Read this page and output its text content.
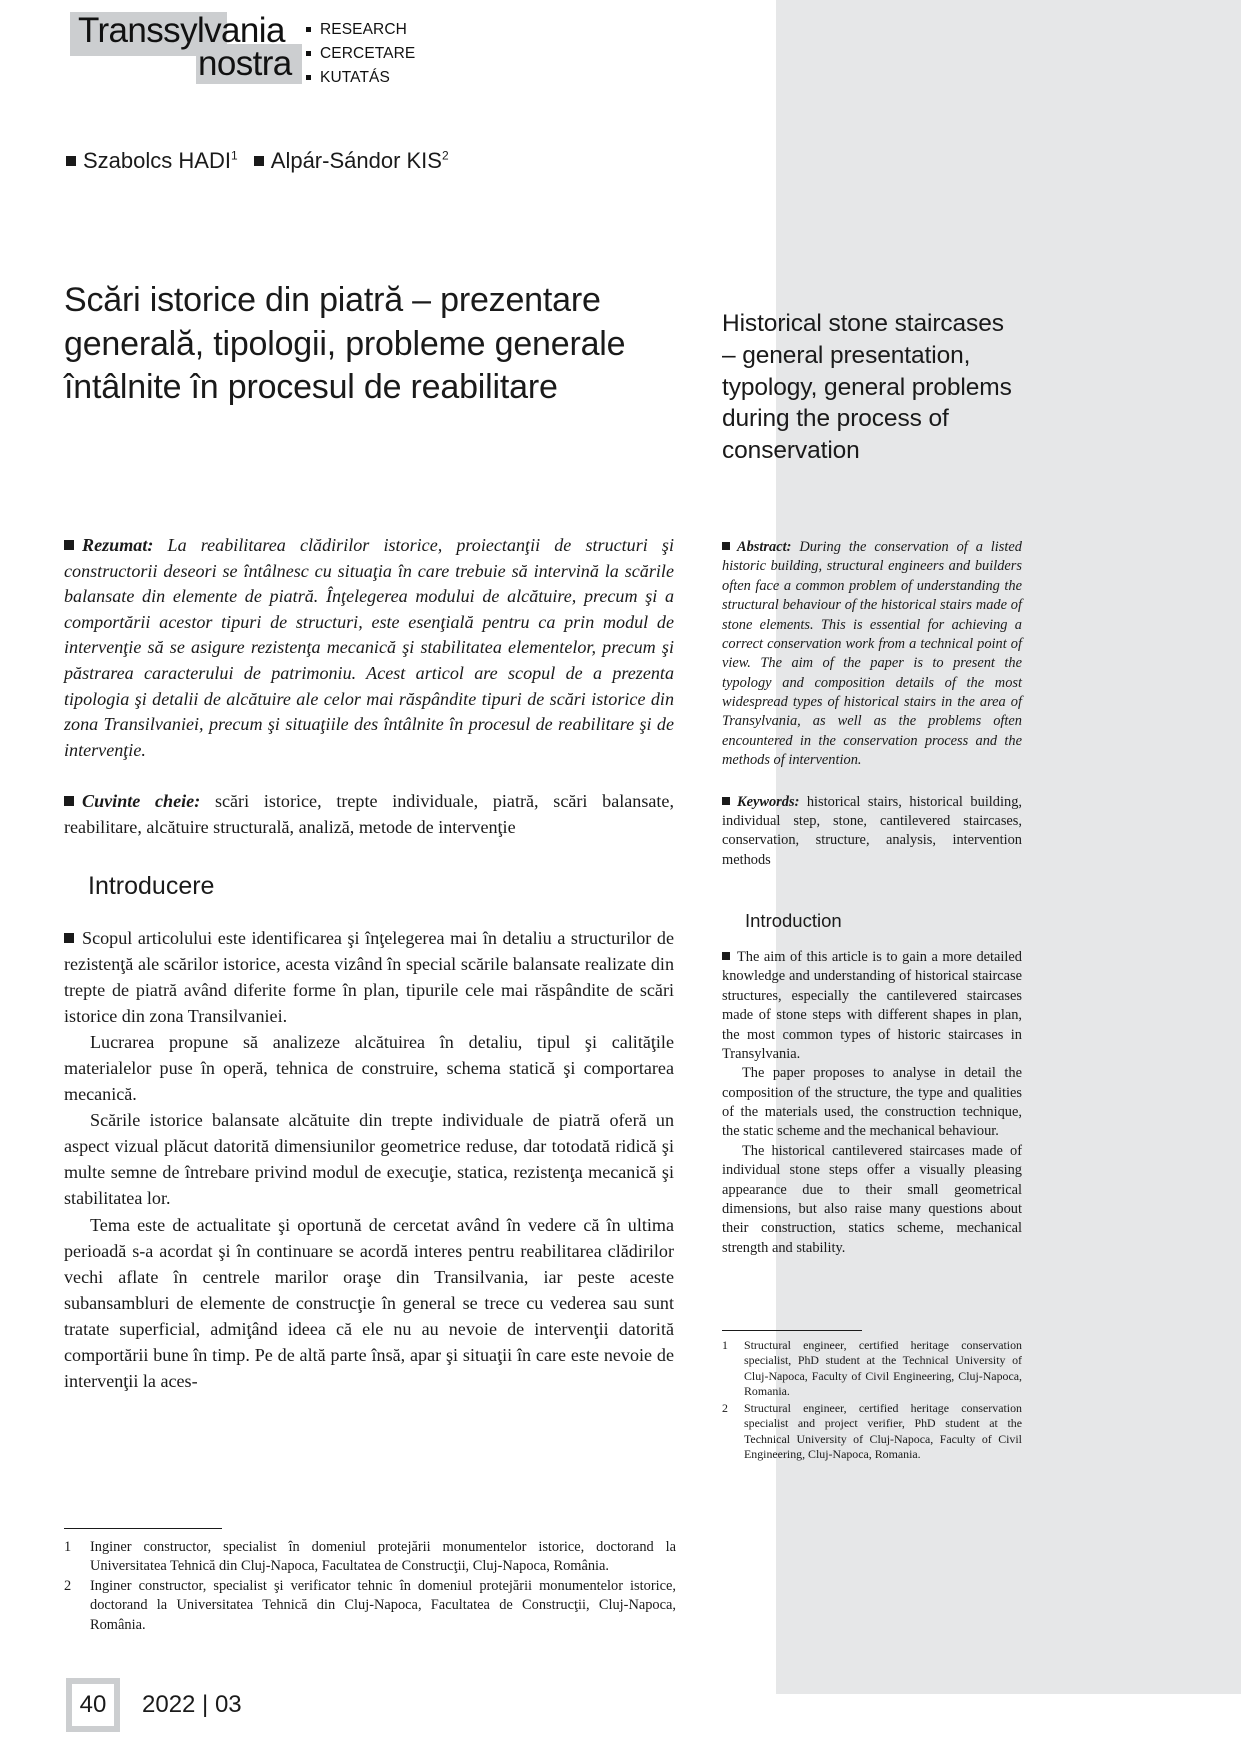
Transsylvania
nostra
RESEARCH
CERCETARE
KUTATÁS
Szabolcs HADI$^1$ Alpár-Sándor KIS$^2$
Scări istorice din piatră – prezentare generală, tipologii, probleme generale întâlnite în procesul de reabilitare
Historical stone staircases – general presentation, typology, general problems during the process of conservation

Rezumat: La reabilitarea clădirilor istorice, proiectanţii de structuri şi constructorii deseori se întâlnesc cu situaţia în care trebuie să intervină la scările balansate din elemente de piatră. Înţelegerea modului de alcătuire, precum şi a comportării acestor tipuri de structuri, este esenţială pentru ca prin modul de intervenţie să se asigure rezistenţa mecanică şi stabilitatea elementelor, precum şi păstrarea caracterului de patrimoniu. Acest articol are scopul de a prezenta tipologia şi detalii de alcătuire ale celor mai răspândite tipuri de scări istorice din zona Transilvaniei, precum şi situaţiile des întâlnite în procesul de reabilitare şi de intervenţie.

Cuvinte cheie: scări istorice, trepte individuale, piatră, scări balansate, reabilitare, alcătuire structurală, analiză, metode de intervenţie

Introducere

Scopul articolului este identificarea şi înţelegerea mai în detaliu a structurilor de rezistenţă ale scărilor istorice, acesta vizând în special scările balansate realizate din trepte de piatră având diferite forme în plan, tipurile cele mai răspândite de scări istorice din zona Transilvaniei.

Lucrarea propune să analizeze alcătuirea în detaliu, tipul şi calităţile materialelor puse în operă, tehnica de construire, schema statică şi comportarea mecanică.

Scările istorice balansate alcătuite din trepte individuale de piatră oferă un aspect vizual plăcut datorită dimensiunilor geometrice reduse, dar totodată ridică şi multe semne de întrebare privind modul de execuţie, statica, rezistenţa mecanică şi stabilitatea lor.

Tema este de actualitate şi oportună de cercetat având în vedere că în ultima perioadă s-a acordat şi în continuare se acordă interes pentru reabilitarea clădirilor vechi aflate în centrele marilor oraşe din Transilvania, iar peste aceste subansambluri de elemente de construcţie în general se trece cu vederea sau sunt tratate superficial, admiţând ideea că ele nu au nevoie de intervenţii datorită comportării bune în timp. Pe de altă parte însă, apar şi situaţii în care este nevoie de intervenţii la aces-

1	Inginer constructor, specialist în domeniul protejării monumentelor istorice, doctorand la Universitatea Tehnică din Cluj-Napoca, Facultatea de Construcţii, Cluj-Napoca, România.
2	Inginer constructor, specialist şi verificator tehnic în domeniul protejării monumentelor istorice, doctorand la Universitatea Tehnică din Cluj-Napoca, Facultatea de Construcţii, Cluj-Napoca, România.

Abstract: During the conservation of a listed historic building, structural engineers and builders often face a common problem of understanding the structural behaviour of the historical stairs made of stone elements. This is essential for achieving a correct conservation work from a technical point of view. The aim of the paper is to present the typology and composition details of the most widespread types of historical stairs in the area of Transylvania, as well as the problems often encountered in the conservation process and the methods of intervention.

Keywords: historical stairs, historical building, individual step, stone, cantilevered staircases, conservation, structure, analysis, intervention methods

Introduction

The aim of this article is to gain a more detailed knowledge and understanding of historical staircase structures, especially the cantilevered staircases made of stone steps with different shapes in plan, the most common types of historic staircases in Transylvania.

The paper proposes to analyse in detail the composition of the structure, the type and qualities of the materials used, the construction technique, the static scheme and the mechanical behaviour.

The historical cantilevered staircases made of individual stone steps offer a visually pleasing appearance due to their small geometrical dimensions, but also raise many questions about their construction, statics scheme, mechanical strength and stability.

1	Structural engineer, certified heritage conservation specialist, PhD student at the Technical University of Cluj-Napoca, Faculty of Civil Engineering, Cluj-Napoca, Romania.
2	Structural engineer, certified heritage conservation specialist and project verifier, PhD student at the Technical University of Cluj-Napoca, Faculty of Civil Engineering, Cluj-Napoca, Romania.
40	2022 | 03
